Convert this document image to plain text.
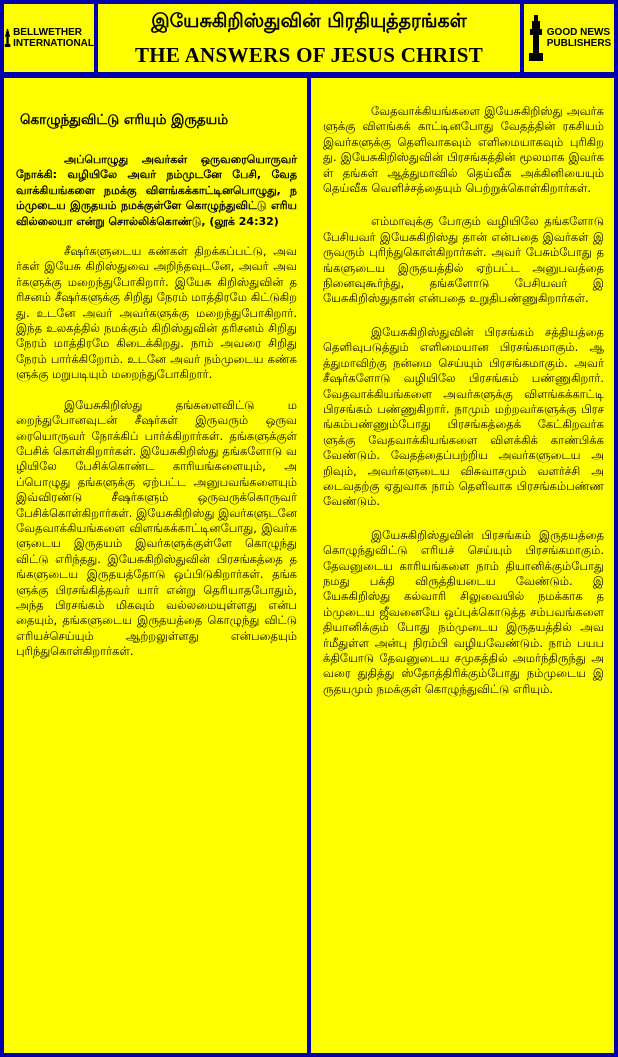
BELLWETHER
INTERNATIONAL
இயேசுகிறிஸ்துவின் பிரதியுத்தரங்கள்
THE ANSWERS OF JESUS CHRIST
GOOD NEWS
PUBLISHERS
கொழுந்துவிட்டு எரியும் இருதயம்

அப்பொழுது அவர்கள் ஒருவரையொருவர் நோக்கி: வழியிலே அவர் நம்முடனே பேசி, வேதவாக்கியங்களை நமக்கு விளங்கக்காட்டினபொழுது, நம்முடைய இருதயம் நமக்குள்ளே கொழுந்துவிட்டு எரியவில்லையா என்று சொல்லிக்கொண்டு, (லூக் 24:32)

சீஷர்களுடைய கண்கள் திறக்கப்பட்டு, அவர்கள் இயேசு கிறிஸ்துவை அறிந்தவுடனே, அவர் அவர்களுக்கு மறைந்துபோகிறார். இயேசு கிறிஸ்துவின் தரிசனம் சீஷர்களுக்கு சிறிது நேரம் மாத்திரமே கிட்டுகிறது. உடனே அவர் அவர்களுக்கு மறைந்துபோகிறார். இந்த உலகத்தில் நமக்கும் கிறிஸ்துவின் தரிசனம் சிறிது நேரம் மாத்திரமே கிடைக்கிறது. நாம் அவரை சிறிது நேரம் பார்க்கிறோம். உடனே அவர் நம்முடைய கண்களுக்கு மறுபடியும் மறைந்துபோகிறார்.

இயேசுகிறிஸ்து தங்களைவிட்டு மறைந்துபோனவுடன் சீஷர்கள் இருவரும் ஒருவரையொருவர் நோக்கிப் பார்க்கிறார்கள். தங்களுக்குள் பேசிக் கொள்கிறார்கள். இயேசுகிறிஸ்து தங்களோடு வழியிலே பேசிக்கொண்ட காரியங்களையும், அப்பொழுது தங்களுக்கு ஏற்பட்ட அனுபவங்களையும் இவ்விரண்டு சீஷர்களும் ஒருவருக்கொருவர் பேசிக்கொள்கிறார்கள். இயேசுகிறிஸ்து இவர்களுடனே வேதவாக்கியங்களை விளங்கக்காட்டினபோது, இவர்களுடைய இருதயம் இவர்களுக்குள்ளே கொழுந்து விட்டு எரிந்தது. இயேசுகிறிஸ்துவின் பிரசங்கத்தை தங்களுடைய இருதயத்தோடு ஒப்பிடுகிறார்கள். தங்களுக்கு பிரசங்கித்தவர் யார் என்று தெரியாதபோதும், அந்த பிரசங்கம் மிகவும் வல்லமையுள்ளது என்பதையும், தங்களுடைய இருதயத்தை கொழுந்து விட்டு எரியச்செய்யும் ஆற்றலுள்ளது என்பதையும் புரிந்துகொள்கிறார்கள்.

வேதவாக்கியங்களை இயேசுகிறிஸ்து அவர்களுக்கு விளங்கக் காட்டினபோது வேதத்தின் ரகசியம் இவர்களுக்கு தெளிவாகவும் எளிமையாகவும் புரிகிறது. இயேசுகிறிஸ்துவின் பிரசங்கத்தின் மூலமாக இவர்கள் தங்கள் ஆத்துமாவில் தெய்வீக அக்கினியையும் தெய்வீக வெளிச்சத்தையும் பெற்றுக்கொள்கிறார்கள்.

எம்மாவுக்கு போகும் வழியிலே தங்களோடு பேசியவர் இயேசுகிறிஸ்து தான் என்பதை இவர்கள் இருவரும் புரிந்துகொள்கிறார்கள். அவர் பேசும்போது தங்களுடைய இருதயத்தில் ஏற்பட்ட அனுபவத்தை நினைவுகூர்ந்து, தங்களோடு பேசியவர் இயேசுகிறிஸ்துதான் என்பதை உறுதிபண்ணுகிறார்கள்.

இயேசுகிறிஸ்துவின் பிரசங்கம் சத்தியத்தை தெளிவுபடுத்தும் எளிமையான பிரசங்கமாகும். ஆத்துமாவிற்கு நன்மை செய்யும் பிரசங்கமாகும். அவர் சீஷர்களோடு வழியிலே பிரசங்கம் பண்ணுகிறார். வேதவாக்கியங்களை அவர்களுக்கு விளங்கக்காட்டி பிரசங்கம் பண்ணுகிறார். நாமும் மற்றவர்களுக்கு பிரசங்கம்பண்ணும்போது பிரசங்கத்தைக் கேட்கிறவர்களுக்கு வேதவாக்கியங்களை விளக்கிக் காண்பிக்க வேண்டும். வேதத்தைப்பற்றிய அவர்களுடைய அறிவும், அவர்களுடைய விசுவாசமும் வளர்ச்சி அடைவதற்கு ஏதுவாக நாம் தெளிவாக பிரசங்கம்பண்ண வேண்டும்.

இயேசுகிறிஸ்துவின் பிரசங்கம் இருதயத்தை கொழுந்துவிட்டு எரியச் செய்யும் பிரசங்கமாகும். தேவனுடைய காரியங்களை நாம் தியானிக்கும்போது நமது பக்தி விருத்தியடைய வேண்டும். இயேசுகிறிஸ்து கல்வாரி சிலுவையில் நமக்காக தம்முடைய ஜீவனையே ஒப்புக்கொடுத்த சம்பவங்களை தியானிக்கும் போது நம்முடைய இருதயத்தில் அவர்மீதுள்ள அன்பு நிரம்பி வழியவேண்டும். நாம் பயபக்தியோடு தேவனுடைய சமுகத்தில் அமர்ந்திருந்து அவரை துதித்து ஸ்தோத்திரிக்கும்போது நம்முடைய இருதயமும் நமக்குள் கொழுந்துவிட்டு எரியும்.
